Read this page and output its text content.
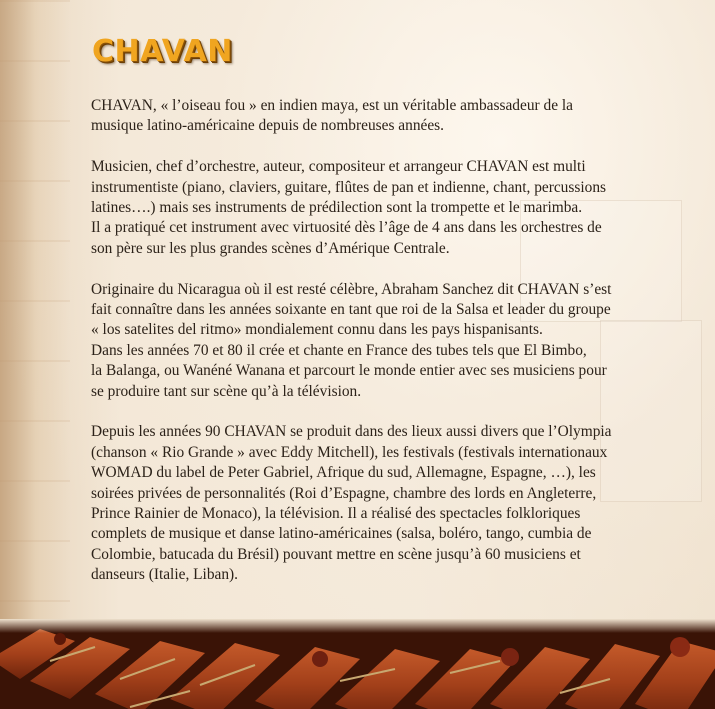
CHAVAN

CHAVAN, « l’oiseau fou » en indien maya, est un véritable ambassadeur de la
musique latino-américaine depuis de nombreuses années.

Musicien, chef d’orchestre, auteur, compositeur et arrangeur CHAVAN est multi
instrumentiste (piano, claviers, guitare, flûtes de pan et indienne, chant, percussions
latines….) mais ses instruments de prédilection sont la trompette et le marimba.
Il a pratiqué cet instrument avec virtuosité dès l’âge de 4 ans dans les orchestres de
son père sur les plus grandes scènes d’Amérique Centrale.

Originaire du Nicaragua où il est resté célèbre, Abraham Sanchez dit CHAVAN s’est
fait connaître dans les années soixante en tant que roi de la Salsa et leader du groupe
« los satelites del ritmo» mondialement connu dans les pays hispanisants.
Dans les années 70 et 80 il crée et chante en France des tubes tels que El Bimbo,
la Balanga, ou Wanéné Wanana et parcourt le monde entier avec ses musiciens pour
se produire tant sur scène qu’à la télévision.

Depuis les années 90 CHAVAN se produit dans des lieux aussi divers que l’Olympia
(chanson « Rio Grande » avec Eddy Mitchell), les festivals (festivals internationaux
WOMAD du label de Peter Gabriel, Afrique du sud, Allemagne, Espagne, …), les
soirées privées de personnalités (Roi d’Espagne, chambre des lords en Angleterre,
Prince Rainier de Monaco), la télévision. Il a réalisé des spectacles folkloriques
complets de musique et danse latino-américaines (salsa, boléro, tango, cumbia de
Colombie, batucada du Brésil) pouvant mettre en scène jusqu’à 60 musiciens et
danseurs (Italie, Liban).
